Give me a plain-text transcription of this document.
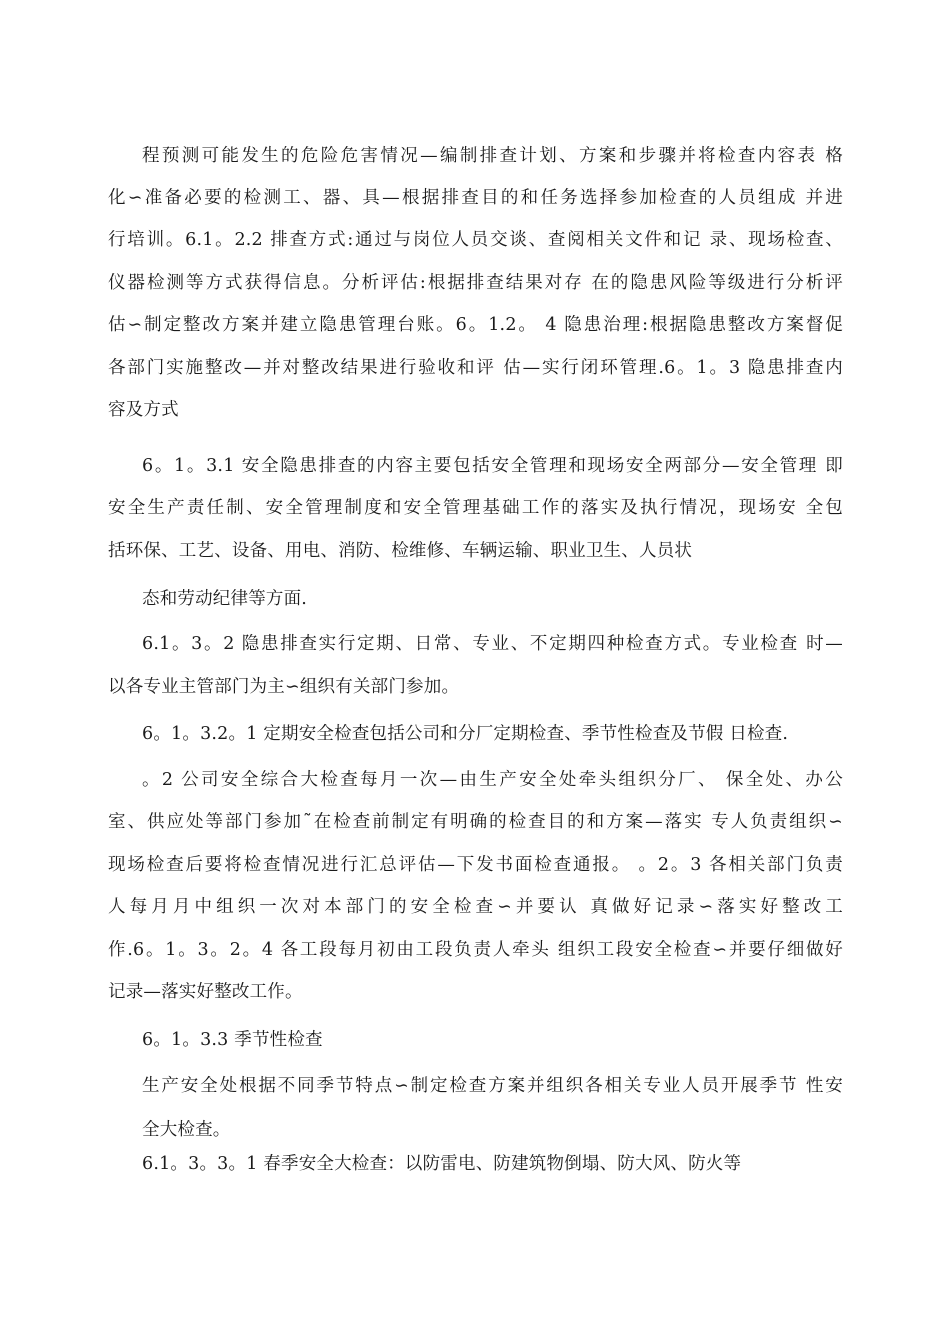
程预测可能发生的危险危害情况—编制排查计划、方案和步骤并将检查内容表 格
化∽准备必要的检测工、器、具—根据排查目的和任务选择参加检查的人员组成 并进
行培训。6.1。2.2 排查方式:通过与岗位人员交谈、查阅相关文件和记 录、现场检查、
仪器检测等方式获得信息。分析评估:根据排查结果对存 在的隐患风险等级进行分析评
估∽制定整改方案并建立隐患管理台账。6。1.2。 4 隐患治理:根据隐患整改方案督促
各部门实施整改—并对整改结果进行验收和评 估—实行闭环管理.6。1。3 隐患排查内
容及方式
6。1。3.1 安全隐患排查的内容主要包括安全管理和现场安全两部分—安全管理 即
安全生产责任制、安全管理制度和安全管理基础工作的落实及执行情况，现场安 全包
括环保、工艺、设备、用电、消防、检维修、车辆运输、职业卫生、人员状
态和劳动纪律等方面.
6.1。3。2 隐患排查实行定期、日常、专业、不定期四种检查方式。专业检查 时—
以各专业主管部门为主∽组织有关部门参加。
6。1。3.2。1 定期安全检查包括公司和分厂定期检查、季节性检查及节假 日检查.
。2 公司安全综合大检查每月一次—由生产安全处牵头组织分厂、 保全处、办公
室、供应处等部门参加˜在检查前制定有明确的检查目的和方案—落实 专人负责组织∽
现场检查后要将检查情况进行汇总评估—下发书面检查通报。 。2。3 各相关部门负责
人每月月中组织一次对本部门的安全检查∽并要认 真做好记录∽落实好整改工
作.6。1。3。2。4 各工段每月初由工段负责人牵头 组织工段安全检查∽并要仔细做好
记录—落实好整改工作。
6。1。3.3 季节性检查
生产安全处根据不同季节特点∽制定检查方案并组织各相关专业人员开展季节 性安
全大检查。
6.1。3。3。1 春季安全大检查：以防雷电、防建筑物倒塌、防大风、防火等
